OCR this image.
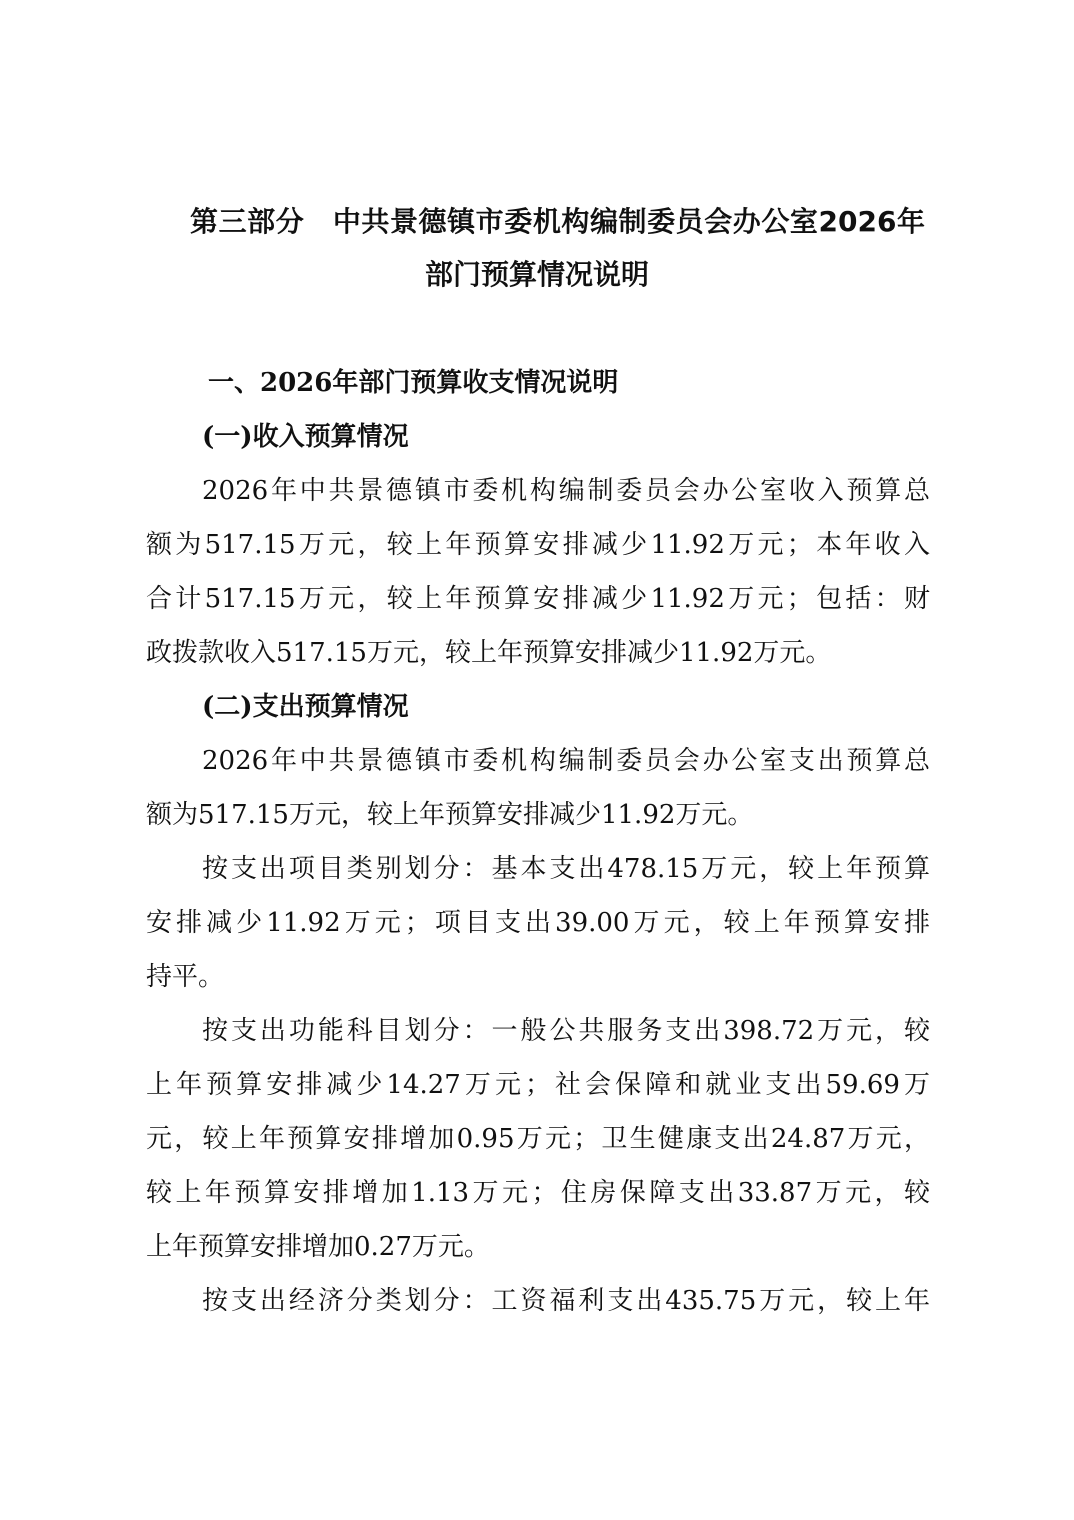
第三部分　中共景德镇市委机构编制委员会办公室2026年
部门预算情况说明
一、2026年部门预算收支情况说明
(一)收入预算情况
2026年中共景德镇市委机构编制委员会办公室收入预算总
额为517.15万元，较上年预算安排减少11.92万元；本年收入
合计517.15万元，较上年预算安排减少11.92万元；包括：财
政拨款收入517.15万元，较上年预算安排减少11.92万元。
(二)支出预算情况
2026年中共景德镇市委机构编制委员会办公室支出预算总
额为517.15万元，较上年预算安排减少11.92万元。
按支出项目类别划分：基本支出478.15万元，较上年预算
安排减少11.92万元；项目支出39.00万元，较上年预算安排
持平。
按支出功能科目划分：一般公共服务支出398.72万元，较
上年预算安排减少14.27万元；社会保障和就业支出59.69万
元，较上年预算安排增加0.95万元；卫生健康支出24.87万元，
较上年预算安排增加1.13万元；住房保障支出33.87万元，较
上年预算安排增加0.27万元。
按支出经济分类划分：工资福利支出435.75万元，较上年
